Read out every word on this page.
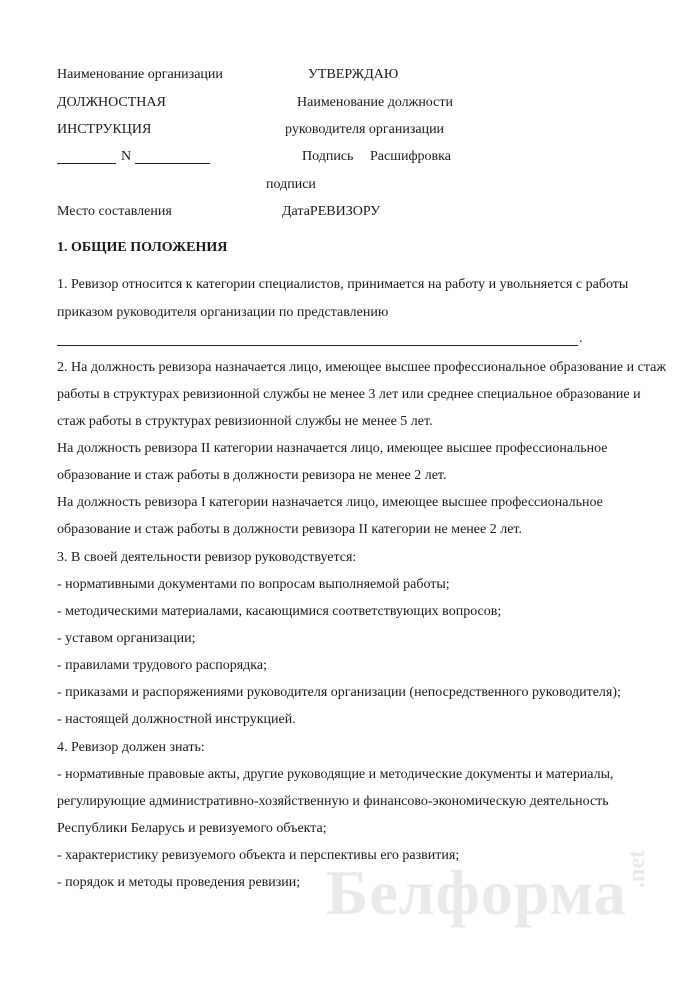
Наименование организации	УТВЕРЖДАЮ
ДОЛЖНОСТНАЯ	Наименование должности
ИНСТРУКЦИЯ	руководителя организации
N	Подпись Расшифровка
подписи
Место составления	ДатаРЕВИЗОРУ
1. ОБЩИЕ ПОЛОЖЕНИЯ
1. Ревизор относится к категории специалистов, принимается на работу и увольняется с работы
приказом руководителя организации по представлению
.
2. На должность ревизора назначается лицо, имеющее высшее профессиональное образование и стаж
работы в структурах ревизионной службы не менее 3 лет или среднее специальное образование и
стаж работы в структурах ревизионной службы не менее 5 лет.
На должность ревизора II категории назначается лицо, имеющее высшее профессиональное
образование и стаж работы в должности ревизора не менее 2 лет.
На должность ревизора I категории назначается лицо, имеющее высшее профессиональное
образование и стаж работы в должности ревизора II категории не менее 2 лет.
3. В своей деятельности ревизор руководствуется:
- нормативными документами по вопросам выполняемой работы;
- методическими материалами, касающимися соответствующих вопросов;
- уставом организации;
- правилами трудового распорядка;
- приказами и распоряжениями руководителя организации (непосредственного руководителя);
- настоящей должностной инструкцией.
4. Ревизор должен знать:
- нормативные правовые акты, другие руководящие и методические документы и материалы,
регулирующие административно-хозяйственную и финансово-экономическую деятельность
Республики Беларусь и ревизуемого объекта;
- характеристику ревизуемого объекта и перспективы его развития;
- порядок и методы проведения ревизии; Белформа
.net
